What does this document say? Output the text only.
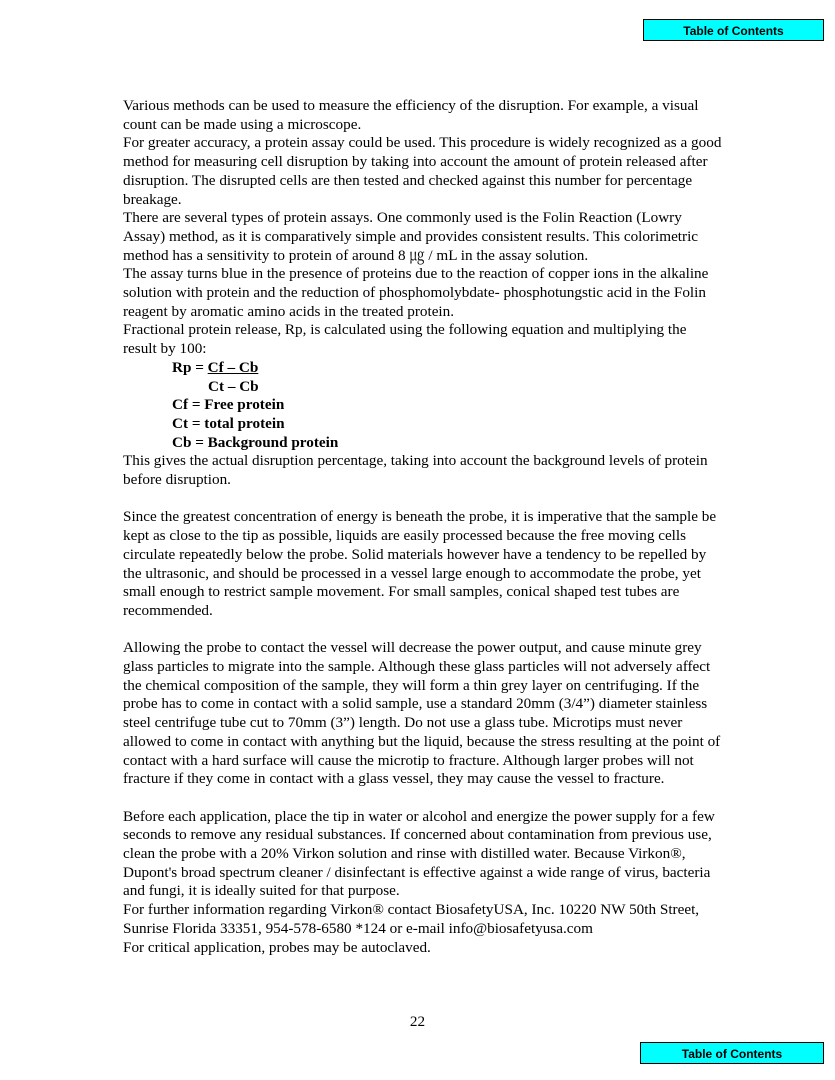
Table of Contents

Various methods can be used to measure the efficiency of the disruption. For example, a visual count can be made using a microscope.

For greater accuracy, a protein assay could be used. This procedure is widely recognized as a good method for measuring cell disruption by taking into account the amount of protein released after disruption. The disrupted cells are then tested and checked against this number for percentage breakage.

There are several types of protein assays. One commonly used is the Folin Reaction (Lowry Assay) method, as it is comparatively simple and provides consistent results. This colorimetric method has a sensitivity to protein of around 8 ㎍ / mL in the assay solution.

The assay turns blue in the presence of proteins due to the reaction of copper ions in the alkaline solution with protein and the reduction of phosphomolybdate- phosphotungstic acid in the Folin reagent by aromatic amino acids in the treated protein.

Fractional protein release, Rp, is calculated using the following equation and multiplying the result by 100:

Rp = Cf – Cb
Ct – Cb
Cf = Free protein
Ct = total protein
Cb = Background protein

This gives the actual disruption percentage, taking into account the background levels of protein before disruption.

Since the greatest concentration of energy is beneath the probe, it is imperative that the sample be kept as close to the tip as possible, liquids are easily processed because the free moving cells circulate repeatedly below the probe. Solid materials however have a tendency to be repelled by the ultrasonic, and should be processed in a vessel large enough to accommodate the probe, yet small enough to restrict sample movement. For small samples, conical shaped test tubes are recommended.

Allowing the probe to contact the vessel will decrease the power output, and cause minute grey glass particles to migrate into the sample. Although these glass particles will not adversely affect the chemical composition of the sample, they will form a thin grey layer on centrifuging. If the probe has to come in contact with a solid sample, use a standard 20mm (3/4”) diameter stainless steel centrifuge tube cut to 70mm (3”) length. Do not use a glass tube. Microtips must never allowed to come in contact with anything but the liquid, because the stress resulting at the point of contact with a hard surface will cause the microtip to fracture. Although larger probes will not fracture if they come in contact with a glass vessel, they may cause the vessel to fracture.

Before each application, place the tip in water or alcohol and energize the power supply for a few seconds to remove any residual substances. If concerned about contamination from previous use, clean the probe with a 20% Virkon solution and rinse with distilled water. Because Virkon®, Dupont's broad spectrum cleaner / disinfectant is effective against a wide range of virus, bacteria and fungi, it is ideally suited for that purpose.

For further information regarding Virkon® contact BiosafetyUSA, Inc. 10220 NW 50th Street, Sunrise Florida 33351, 954-578-6580 *124 or e-mail info@biosafetyusa.com

For critical application, probes may be autoclaved.

22
Table of Contents
